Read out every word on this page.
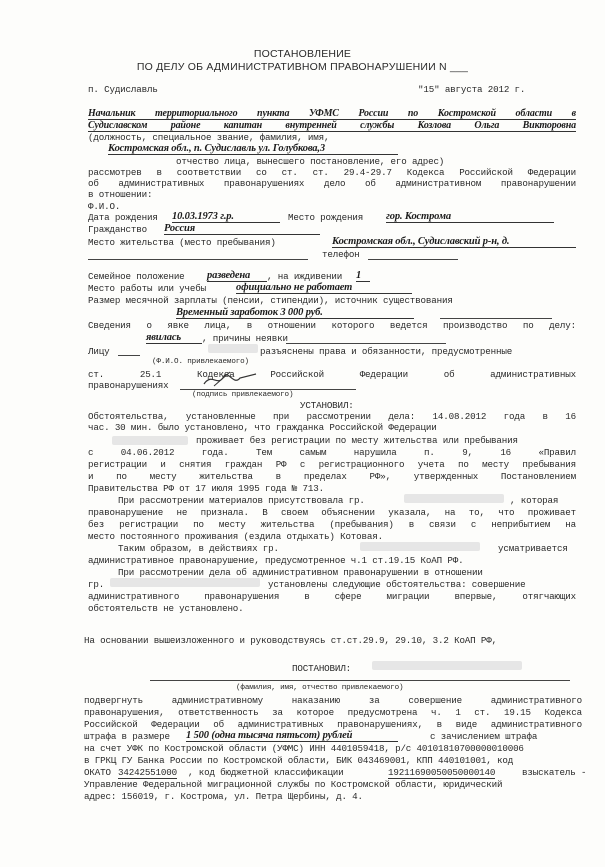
ПОСТАНОВЛЕНИЕ
ПО ДЕЛУ ОБ АДМИНИСТРАТИВНОМ ПРАВОНАРУШЕНИИ N ___
п. Судиславль	"15" августа 2012 г.
Начальник территориального пункта УФМС России по Костромской области в
Судиславском районе капитан внутренней службы Козлова Ольга Викторовна
(должность, специальное звание, фамилия, имя,
Костромская обл., п. Судиславль ул. Голубкова,3
отчество лица, вынесшего постановление, его адрес)
рассмотрев в соответствии со ст. ст. 29.4-29.7 Кодекса Российской Федерации
об административных правонарушениях дело об административном правонарушении
в отношении:
Ф.И.О.
Дата рождения 10.03.1973 г.р.	Место рождения гор. Кострома
Гражданство Россия
Место жительства (место пребывания)	Костромская обл., Судиславский р-н, д.
телефон
Семейное положение разведена	, на иждивении 1
Место работы или учебы	официально не работает
Размер месячной зарплаты (пенсии, стипендии), источник существования
Временный заработок 3 000 руб.
Сведения о явке лица, в отношении которого ведется производство по делу:
явилась	, причины неявки
Лицу	разъяснены права и обязанности, предусмотренные
(Ф.И.О. привлекаемого)
ст. 25.1 Кодекса Российской Федерации об административных
правонарушениях
(подпись привлекаемого)
УСТАНОВИЛ:
Обстоятельства, установленные при рассмотрении дела: 14.08.2012 года в 16
час. 30 мин. было установлено, что гражданка Российской Федерации
проживает без регистрации по месту жительства или пребывания
с 04.06.2012 года. Тем самым нарушила п. 9, 16 «Правил
регистрации и снятия граждан РФ с регистрационного учета по месту пребывания
и по месту жительства в пределах РФ», утвержденных Постановлением
Правительства РФ от 17 июля 1995 года № 713.
При рассмотрении материалов присутствовала гр.	, которая
правонарушение не признала. В своем объяснении указала, на то, что проживает
без регистрации по месту жительства (пребывания) в связи с неприбытием на
место постоянного проживания (ездила отдыхать) Котовая.
Таким образом, в действиях гр.	усматривается
административное правонарушение, предусмотренное ч.1 ст.19.15 КоАП РФ.
При рассмотрении дела об административном правонарушении в отношении
гр.	установлены следующие обстоятельства: совершение
административного правонарушения в сфере миграции впервые, отягчающих
обстоятельств не установлено.
На основании вышеизложенного и руководствуясь ст.ст.29.9, 29.10, 3.2 КоАП РФ,
ПОСТАНОВИЛ:
(фамилия, имя, отчество привлекаемого)
подвергнуть административному наказанию за совершение административного
правонарушения, ответственность за которое предусмотрена ч. 1 ст. 19.15 Кодекса
Российской Федерации об административных правонарушениях, в виде административного
штрафа в размере 1 500 (одна тысяча пятьсот) рублей	с зачислением штрафа
на счет УФК по Костромской области (УФМС) ИНН 4401059418, р/с 40101810700000010006
в ГРКЦ ГУ Банка России по Костромской области, БИК 043469001, КПП 440101001, код
ОКАТО 34242551000 , код бюджетной классификации	19211690050050000140	взыскатель -
Управление Федеральной миграционной службы по Костромской области, юридический
адрес: 156019, г. Кострома, ул. Петра Щербины, д. 4.
